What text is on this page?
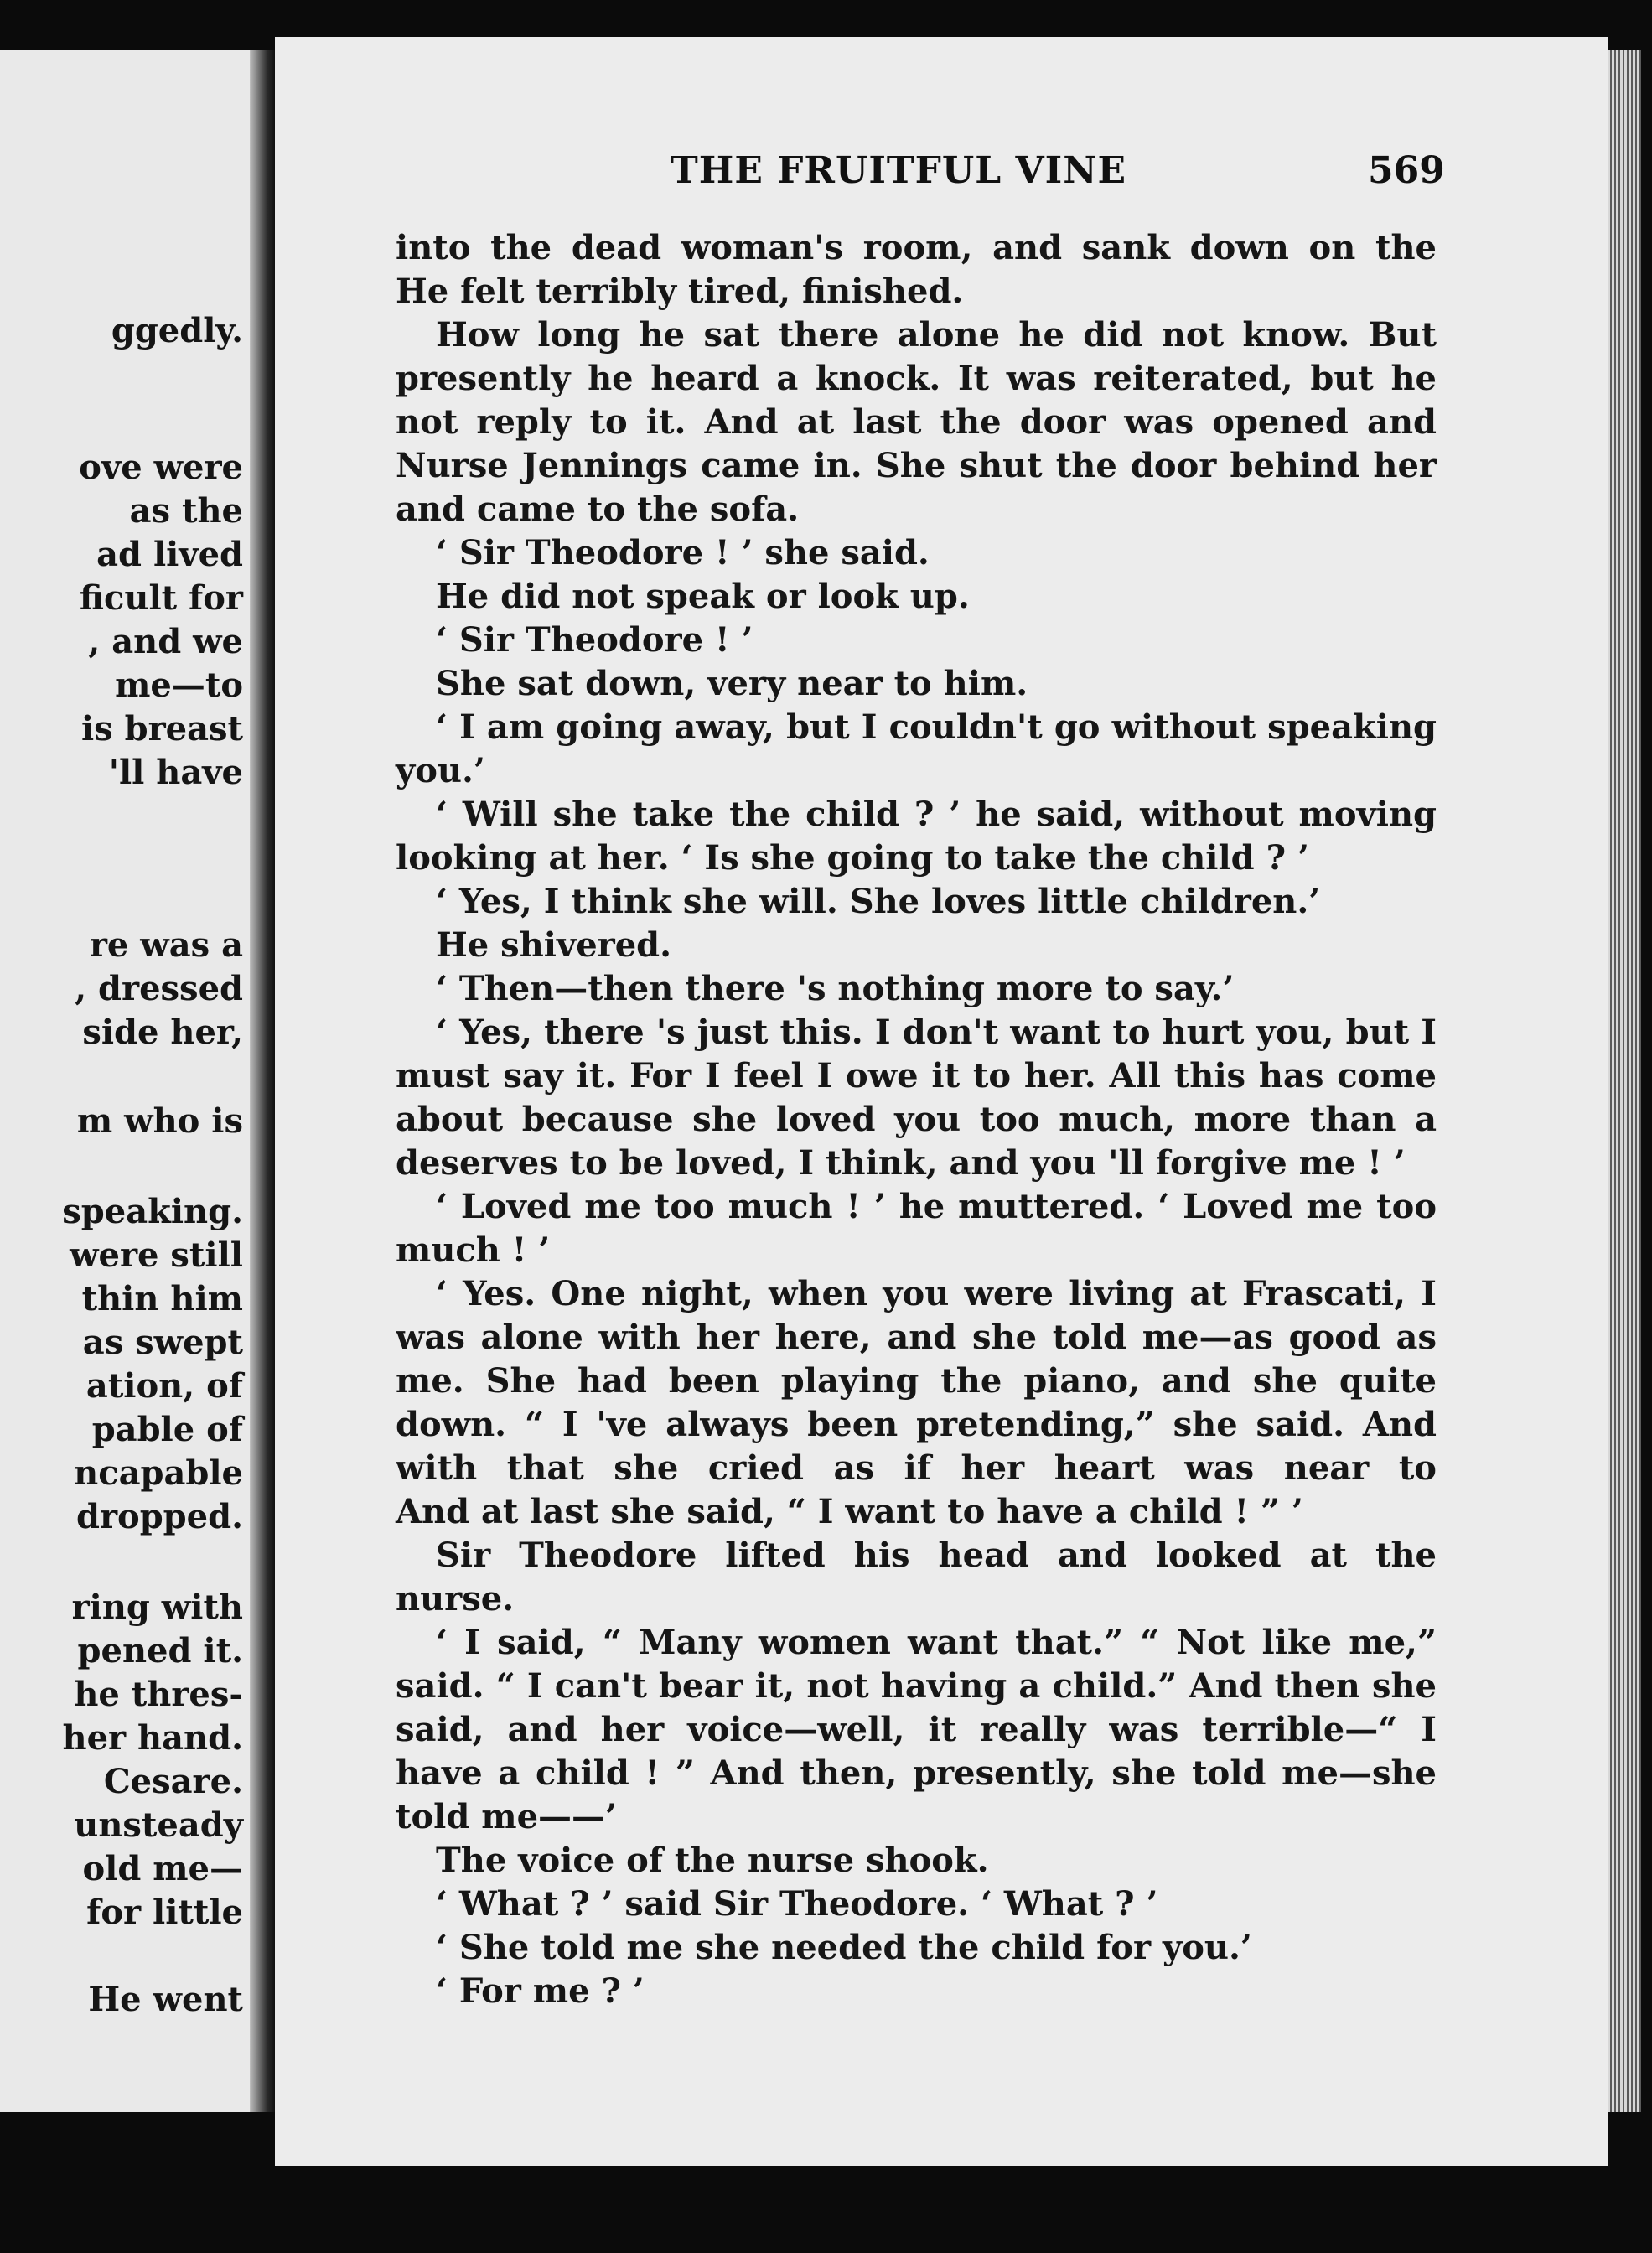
ggedly.
ove were
as the
ad lived
ficult for
, and we
me—to
is breast
'll have
re was a
, dressed
side her,
m who is
speaking.
were still
thin him
as swept
ation, of
pable of
ncapable
dropped.
ring with
pened it.
he thres-
her hand.
Cesare.
unsteady
old me—
for little
He went
THE FRUITFUL VINE	569
into the dead woman's room, and sank down on the
He felt terribly tired, finished.
How long he sat there alone he did not know. But
presently he heard a knock. It was reiterated, but he
not reply to it. And at last the door was opened and
Nurse Jennings came in. She shut the door behind her
and came to the sofa.
‘ Sir Theodore ! ’ she said.
He did not speak or look up.
‘ Sir Theodore ! ’
She sat down, very near to him.
‘ I am going away, but I couldn't go without speaking
you.’
‘ Will she take the child ? ’ he said, without moving
looking at her. ‘ Is she going to take the child ? ’
‘ Yes, I think she will. She loves little children.’
He shivered.
‘ Then—then there 's nothing more to say.’
‘ Yes, there 's just this. I don't want to hurt you, but I
must say it. For I feel I owe it to her. All this has come
about because she loved you too much, more than a
deserves to be loved, I think, and you 'll forgive me ! ’
‘ Loved me too much ! ’ he muttered. ‘ Loved me too
much ! ’
‘ Yes. One night, when you were living at Frascati, I
was alone with her here, and she told me—as good as
me. She had been playing the piano, and she quite
down. “ I 've always been pretending,” she said. And
with that she cried as if her heart was near to
And at last she said, “ I want to have a child ! ” ’
Sir Theodore lifted his head and looked at the
nurse.
‘ I said, “ Many women want that.” “ Not like me,”
said. “ I can't bear it, not having a child.” And then she
said, and her voice—well, it really was terrible—“ I
have a child ! ” And then, presently, she told me—she
told me——’
The voice of the nurse shook.
‘ What ? ’ said Sir Theodore. ‘ What ? ’
‘ She told me she needed the child for you.’
‘ For me ? ’
